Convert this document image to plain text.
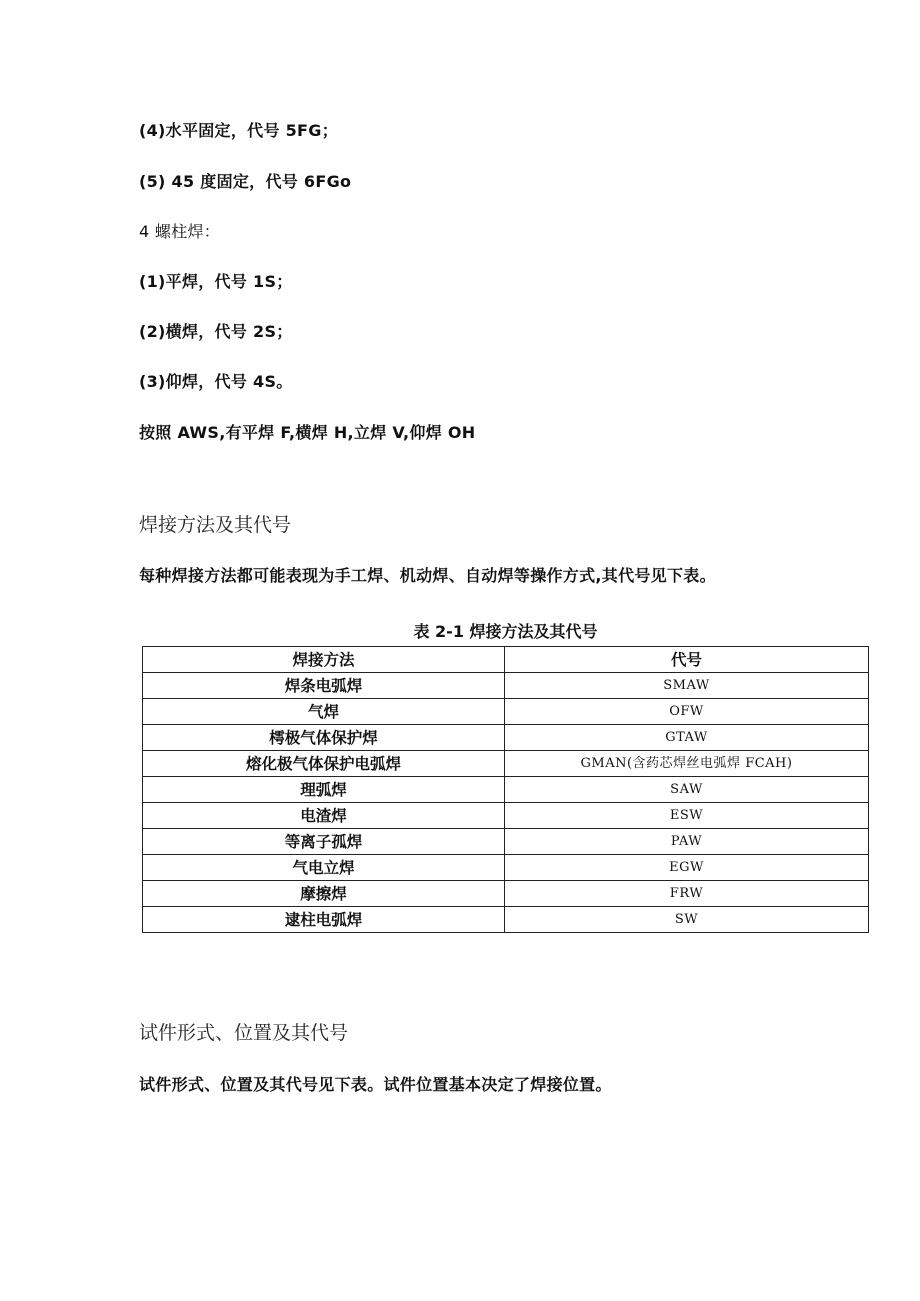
(4)水平固定，代号 5FG；
(5) 45 度固定，代号 6FGo
4 螺柱焊：
(1)平焊，代号 1S；
(2)横焊，代号 2S；
(3)仰焊，代号 4S。
按照 AWS,有平焊 F,横焊 H,立焊 V,仰焊 OH
焊接方法及其代号
每种焊接方法都可能表现为手工焊、机动焊、自动焊等操作方式,其代号见下表。
表 2-1 焊接方法及其代号
焊接方法	代号
焊条电弧焊	SMAW
气焊	OFW
樗极气体保护焊	GTAW
熔化极气体保护电弧焊	GMAN(含药芯焊丝电弧焊 FCAH)
理弧焊	SAW
电渣焊	ESW
等离子孤焊	PAW
气电立焊	EGW
摩擦焊	FRW
逮柱电弧焊	SW
试件形式、位置及其代号
试件形式、位置及其代号见下表。试件位置基本决定了焊接位置。
